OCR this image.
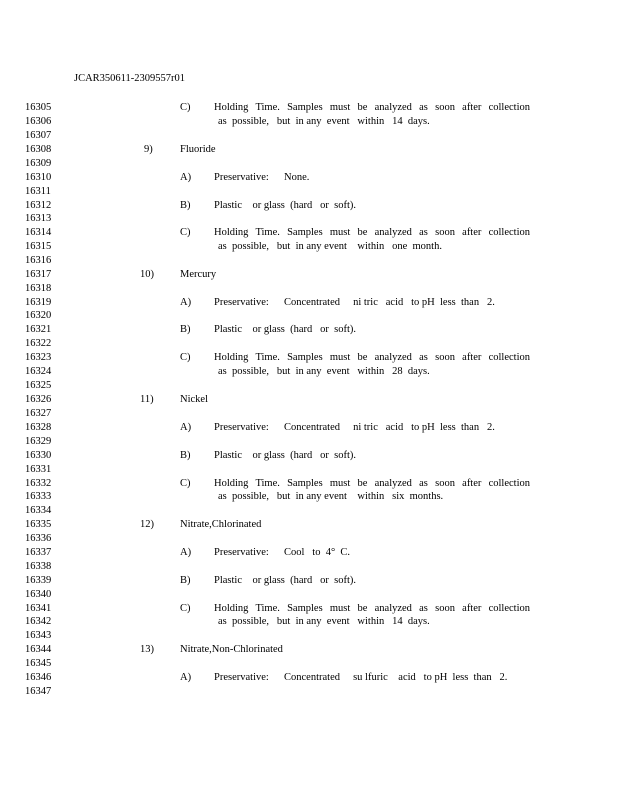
JCAR350611-2309557r01
16305
16306
16307
16308
16309
16310
16311
16312
16313
16314
16315
16316
16317
16318
16319
16320
16321
16322
16323
16324
16325
16326
16327
16328
16329
16330
16331
16332
16333
16334
16335
16336
16337
16338
16339
16340
16341
16342
16343
16344
16345
16346
16347
C) Holding Time. Samples must be analyzed as soon after collection
as  possible,   but  in any  event   within   14  days.
9)	Fluoride
A) Preservative: None.
B) Plastic    or glass  (hard   or  soft).
C) Holding Time. Samples must be analyzed as soon after collection
as  possible,   but  in any event    within   one  month.
10) Mercury
A) Preservative: Concentrated     ni tric   acid   to pH  less  than   2.
B) Plastic    or glass  (hard   or  soft).
C) Holding Time. Samples must be analyzed as soon after collection
as  possible,   but  in any  event   within   28  days.
11)	Nickel
A) Preservative: Concentrated     ni tric   acid   to pH  less  than   2.
B) Plastic    or glass  (hard   or  soft).
C) Holding Time. Samples must be analyzed as soon after collection
as  possible,   but  in any event    within   six  months.
12) Nitrate,Chlorinated
A) Preservative: Cool   to  4°  C.
B) Plastic    or glass  (hard   or  soft).
C) Holding Time. Samples must be analyzed as soon after collection
as  possible,   but  in any  event   within   14  days.
13) Nitrate,Non-Chlorinated
A) Preservative: Concentrated     su lfuric    acid   to pH  less  than   2.
